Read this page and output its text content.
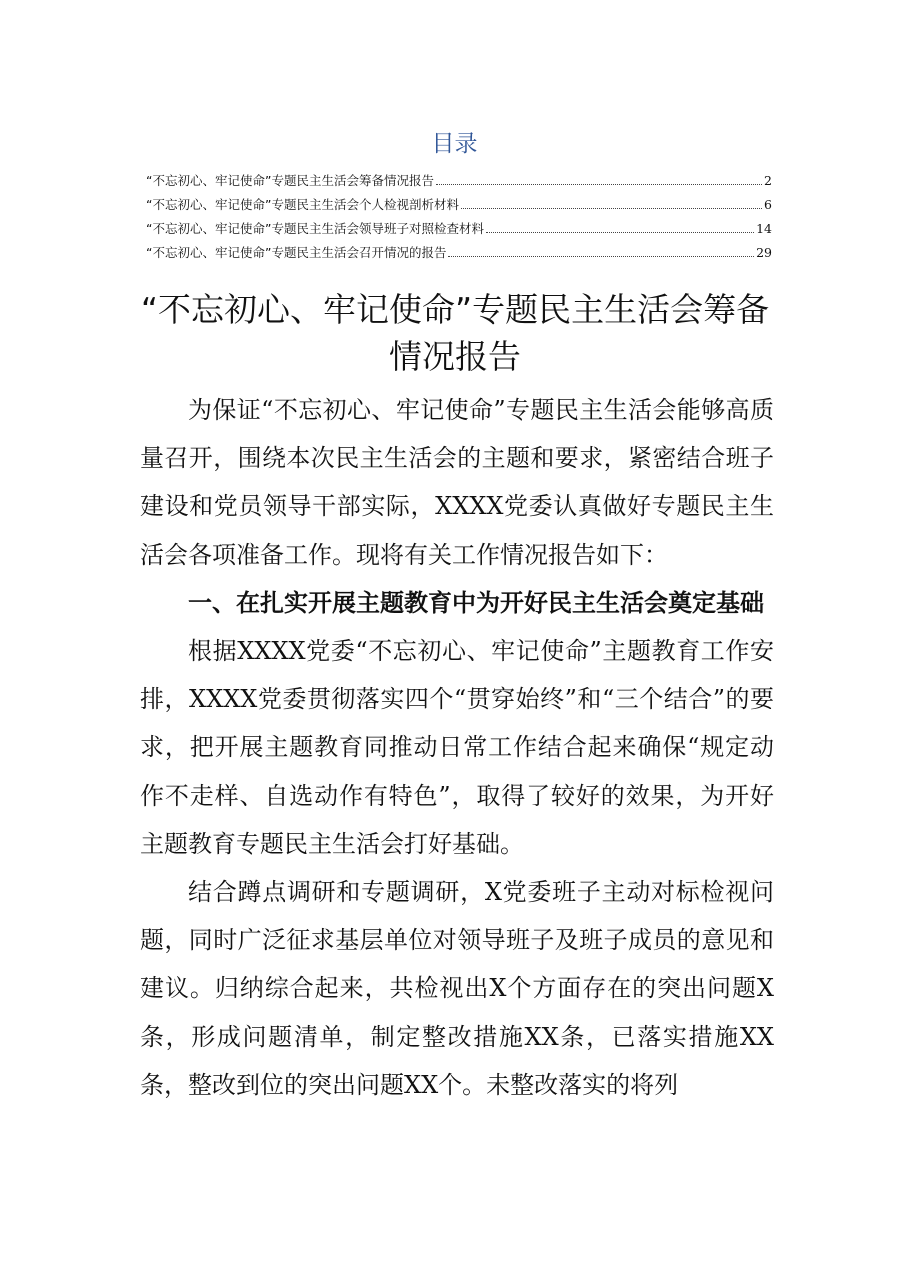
目录
“不忘初心、牢记使命”专题民主生活会筹备情况报告	2
“不忘初心、牢记使命”专题民主生活会个人检视剖析材料	6
“不忘初心、牢记使命”专题民主生活会领导班子对照检查材料	14
“不忘初心、牢记使命”专题民主生活会召开情况的报告	29
“不忘初心、牢记使命”专题民主生活会筹备情况报告

为保证“不忘初心、牢记使命”专题民主生活会能够高质量召开，围绕本次民主生活会的主题和要求，紧密结合班子建设和党员领导干部实际，XXXX党委认真做好专题民主生活会各项准备工作。现将有关工作情况报告如下：

一、在扎实开展主题教育中为开好民主生活会奠定基础

根据XXXX党委“不忘初心、牢记使命”主题教育工作安排，XXXX党委贯彻落实四个“贯穿始终”和“三个结合”的要求，把开展主题教育同推动日常工作结合起来确保“规定动作不走样、自选动作有特色”，取得了较好的效果，为开好主题教育专题民主生活会打好基础。

结合蹲点调研和专题调研，X党委班子主动对标检视问题，同时广泛征求基层单位对领导班子及班子成员的意见和建议。归纳综合起来，共检视出X个方面存在的突出问题X条，形成问题清单，制定整改措施XX条，已落实措施XX条，整改到位的突出问题XX个。未整改落实的将列
